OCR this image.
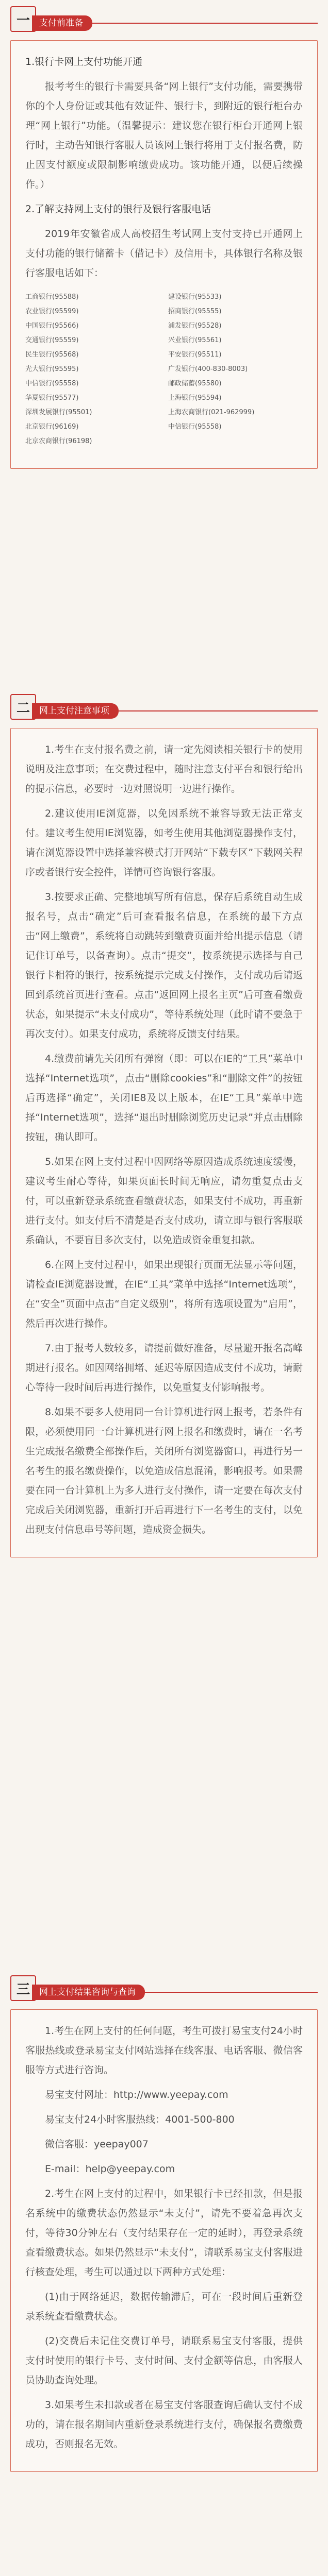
一	支付前准备

1.银行卡网上支付功能开通

报考考生的银行卡需要具备“网上银行”支付功能，需要携带你的个人身份证或其他有效证件、银行卡，到附近的银行柜台办理“网上银行”功能。（温馨提示：建议您在银行柜台开通网上银行时，主动告知银行客服人员该网上银行将用于支付报名费，防止因支付额度或限制影响缴费成功。该功能开通，以便后续操作。）

2.了解支持网上支付的银行及银行客服电话

2019年安徽省成人高校招生考试网上支付支持已开通网上支付功能的银行储蓄卡（借记卡）及信用卡，具体银行名称及银行客服电话如下：

工商银行(95588)	建设银行(95533)
农业银行(95599)	招商银行(95555)
中国银行(95566)	浦发银行(95528)
交通银行(95559)	兴业银行(95561)
民生银行(95568)	平安银行(95511)
光大银行(95595)	广发银行(400-830-8003)
中信银行(95558)	邮政储蓄(95580)
华夏银行(95577)	上海银行(95594)
深圳发展银行(95501)	上海农商银行(021-962999)
北京银行(96169)	中信银行(95558)
北京农商银行(96198)
二	网上支付注意事项

1.考生在支付报名费之前，请一定先阅读相关银行卡的使用说明及注意事项；在交费过程中，随时注意支付平台和银行给出的提示信息，必要时一边对照说明一边进行操作。

2.建议使用IE浏览器，以免因系统不兼容导致无法正常支付。建议考生使用IE浏览器，如考生使用其他浏览器操作支付，请在浏览器设置中选择兼容模式打开网站“下载专区”下载网关程序或者银行安全控件，详情可咨询银行客服。

3.按要求正确、完整地填写所有信息，保存后系统自动生成报名号，点击“确定”后可查看报名信息，在系统的最下方点击“网上缴费”，系统将自动跳转到缴费页面并给出提示信息（请记住订单号，以备查询）。点击“提交”，按系统提示选择与自己银行卡相符的银行，按系统提示完成支付操作，支付成功后请返回到系统首页进行查看。点击“返回网上报名主页”后可查看缴费状态，如果提示“未支付成功”，等待系统处理（此时请不要急于再次支付）。如果支付成功，系统将反馈支付结果。

4.缴费前请先关闭所有弹窗（即：可以在IE的“工具”菜单中选择“Internet选项”，点击“删除cookies”和“删除文件”的按钮后再选择“确定”，关闭IE8及以上版本，在IE“工具”菜单中选择“Internet选项”，选择“退出时删除浏览历史记录”并点击删除按钮，确认即可。

5.如果在网上支付过程中因网络等原因造成系统速度缓慢，建议考生耐心等待，如果页面长时间无响应，请勿重复点击支付，可以重新登录系统查看缴费状态，如果支付不成功，再重新进行支付。如支付后不清楚是否支付成功，请立即与银行客服联系确认，不要盲目多次支付，以免造成资金重复扣款。

6.在网上支付过程中，如果出现银行页面无法显示等问题，请检查IE浏览器设置，在IE“工具”菜单中选择“Internet选项”，在“安全”页面中点击“自定义级别”，将所有选项设置为“启用”，然后再次进行操作。

7.由于报考人数较多，请提前做好准备，尽量避开报名高峰期进行报名。如因网络拥堵、延迟等原因造成支付不成功，请耐心等待一段时间后再进行操作，以免重复支付影响报考。

8.如果不要多人使用同一台计算机进行网上报考，若条件有限，必须使用同一台计算机进行网上报名和缴费时，请在一名考生完成报名缴费全部操作后，关闭所有浏览器窗口，再进行另一名考生的报名缴费操作，以免造成信息混淆，影响报考。如果需要在同一台计算机上为多人进行支付操作，请一定要在每次支付完成后关闭浏览器，重新打开后再进行下一名考生的支付，以免出现支付信息串号等问题，造成资金损失。

三	网上支付结果咨询与查询

1.考生在网上支付的任何问题，考生可拨打易宝支付24小时客服热线或登录易宝支付网站选择在线客服、电话客服、微信客服等方式进行咨询。

易宝支付网址：http://www.yeepay.com

易宝支付24小时客服热线：4001-500-800

微信客服：yeepay007

E-mail：help@yeepay.com

2.考生在网上支付的过程中，如果银行卡已经扣款，但是报名系统中的缴费状态仍然显示“未支付”，请先不要着急再次支付，等待30分钟左右（支付结果存在一定的延时），再登录系统查看缴费状态。如果仍然显示“未支付”，请联系易宝支付客服进行核查处理，考生可以通过以下两种方式处理：

(1)由于网络延迟，数据传输滞后，可在一段时间后重新登录系统查看缴费状态。

(2)交费后未记住交费订单号，请联系易宝支付客服，提供支付时使用的银行卡号、支付时间、支付金额等信息，由客服人员协助查询处理。

3.如果考生未扣款或者在易宝支付客服查询后确认支付不成功的，请在报名期间内重新登录系统进行支付，确保报名费缴费成功，否则报名无效。
